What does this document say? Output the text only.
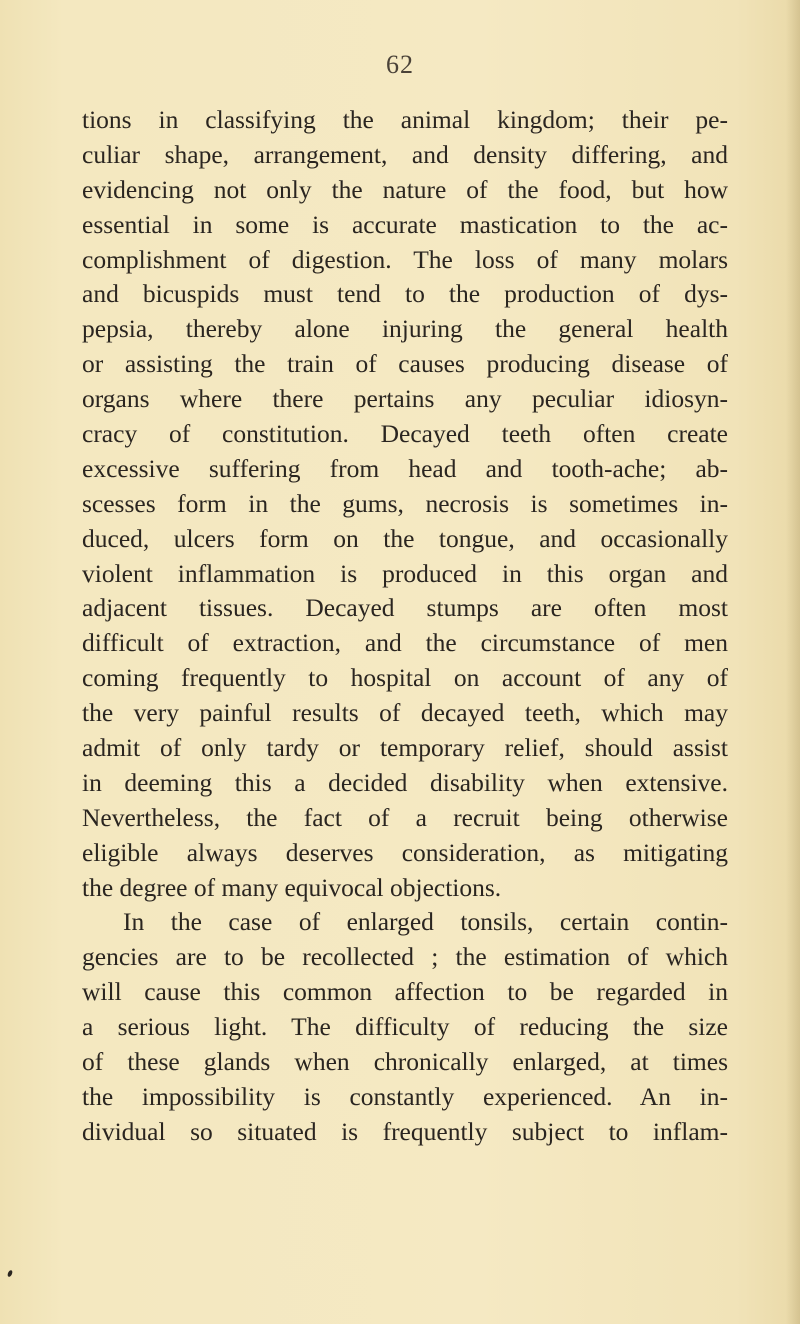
62
tions in classifying the animal kingdom; their pe-
culiar shape, arrangement, and density differing, and
evidencing not only the nature of the food, but how
essential in some is accurate mastication to the ac-
complishment of digestion. The loss of many molars
and bicuspids must tend to the production of dys-
pepsia, thereby alone injuring the general health
or assisting the train of causes producing disease of
organs where there pertains any peculiar idiosyn-
cracy of constitution. Decayed teeth often create
excessive suffering from head and tooth-ache; ab-
scesses form in the gums, necrosis is sometimes in-
duced, ulcers form on the tongue, and occasionally
violent inflammation is produced in this organ and
adjacent tissues. Decayed stumps are often most
difficult of extraction, and the circumstance of men
coming frequently to hospital on account of any of
the very painful results of decayed teeth, which may
admit of only tardy or temporary relief, should assist
in deeming this a decided disability when extensive.
Nevertheless, the fact of a recruit being otherwise
eligible always deserves consideration, as mitigating
the degree of many equivocal objections.
In the case of enlarged tonsils, certain contin-
gencies are to be recollected ; the estimation of which
will cause this common affection to be regarded in
a serious light. The difficulty of reducing the size
of these glands when chronically enlarged, at times
the impossibility is constantly experienced. An in-
dividual so situated is frequently subject to inflam-
